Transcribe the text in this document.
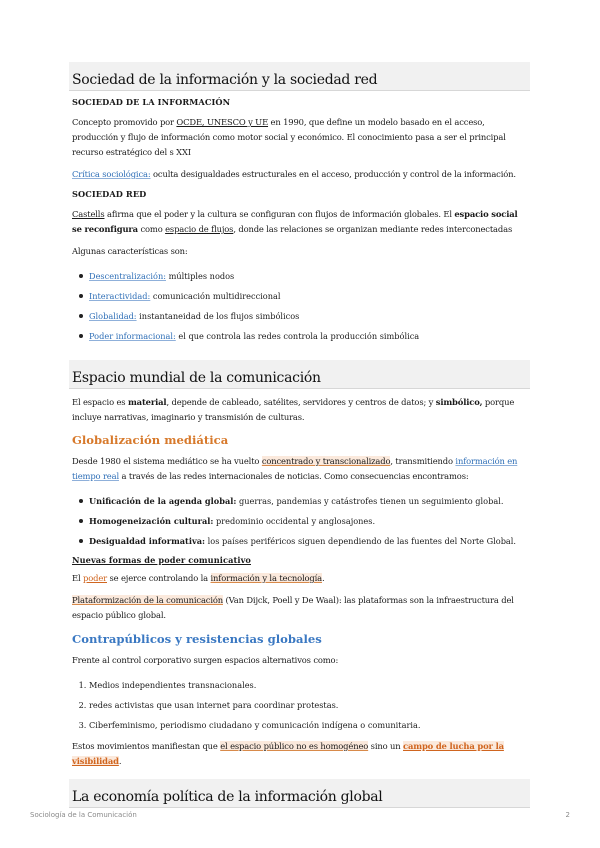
Sociedad de la información y la sociedad red
SOCIEDAD DE LA INFORMACIÓN

Concepto promovido por OCDE, UNESCO y UE en 1990, que define un modelo basado en el acceso, producción y flujo de información como motor social y económico. El conocimiento pasa a ser el principal recurso estratégico del s XXI

Crítica sociológica: oculta desigualdades estructurales en el acceso, producción y control de la información.

SOCIEDAD RED

Castells afirma que el poder y la cultura se configuran con flujos de información globales. El espacio social se reconfigura como espacio de flujos, donde las relaciones se organizan mediante redes interconectadas

Algunas características son:

Descentralización: múltiples nodos
Interactividad: comunicación multidireccional
Globalidad: instantaneidad de los flujos simbólicos
Poder informacional: el que controla las redes controla la producción simbólica
Espacio mundial de la comunicación

El espacio es material, depende de cableado, satélites, servidores y centros de datos; y simbólico, porque incluye narrativas, imaginario y transmisión de culturas.

Globalización mediática

Desde 1980 el sistema mediático se ha vuelto concentrado y transcionalizado, transmitiendo información en tiempo real a través de las redes internacionales de noticias. Como consecuencias encontramos:

Unificación de la agenda global: guerras, pandemias y catástrofes tienen un seguimiento global.
Homogeneización cultural: predominio occidental y anglosajones.
Desigualdad informativa: los países periféricos siguen dependiendo de las fuentes del Norte Global.
Nuevas formas de poder comunicativo

El poder se ejerce controlando la información y la tecnología.

Plataformización de la comunicación (Van Dijck, Poell y De Waal): las plataformas son la infraestructura del espacio público global.

Contrapúblicos y resistencias globales

Frente al control corporativo surgen espacios alternativos como:

1. Medios independientes transnacionales.
2. redes activistas que usan internet para coordinar protestas.
3. Ciberfeminismo, periodismo ciudadano y comunicación indígena o comunitaria.

Estos movimientos manifiestan que el espacio público no es homogéneo sino un campo de lucha por la visibilidad.

La economía política de la información global
Sociología de la Comunicación	2
